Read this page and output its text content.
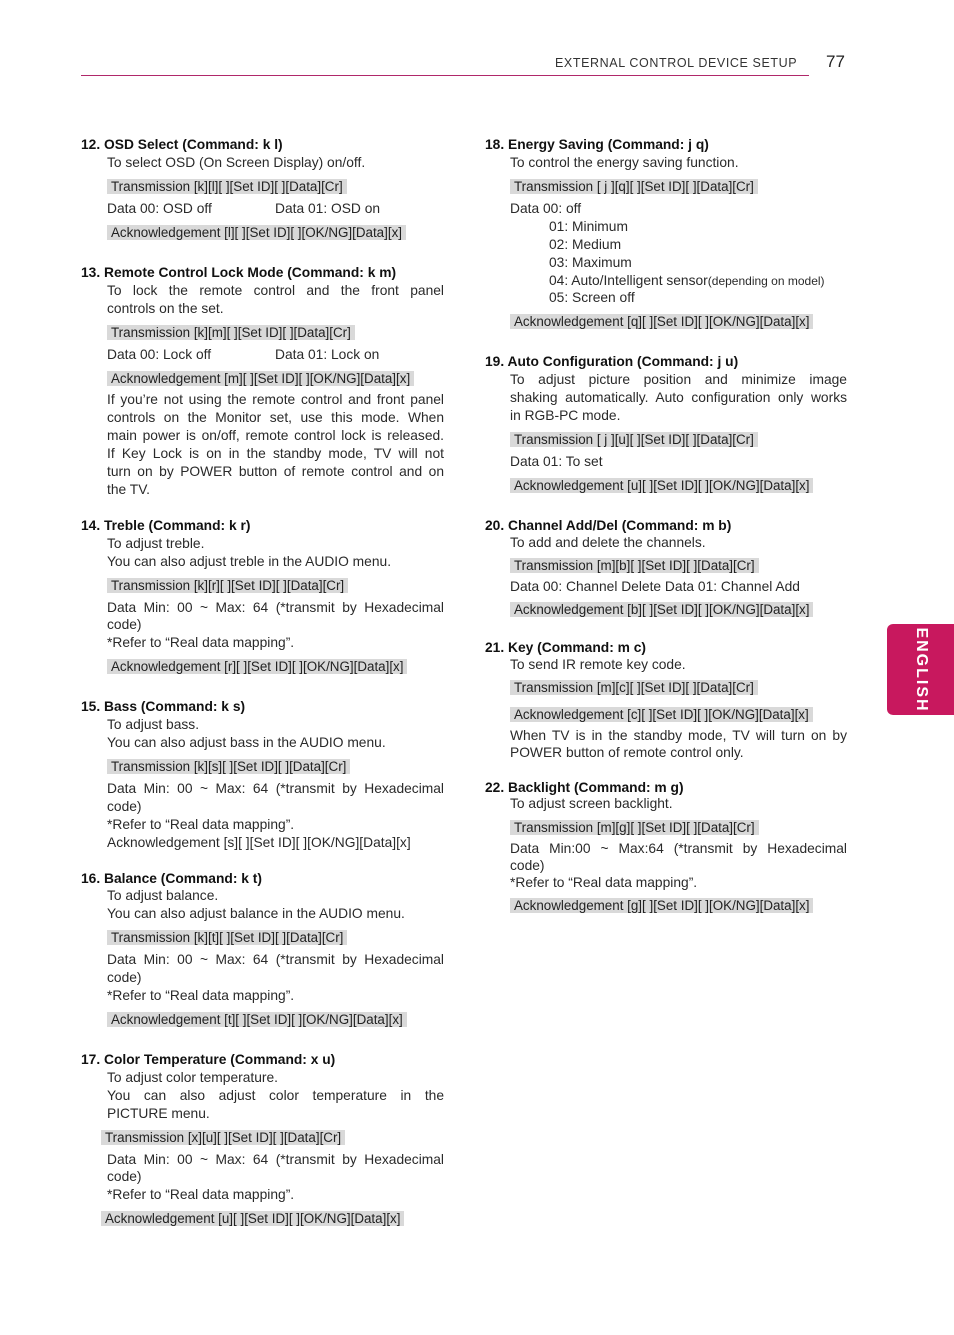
EXTERNAL CONTROL DEVICE SETUP 77
ENGLISH
12. OSD Select (Command: k l)
To select OSD (On Screen Display) on/off.
Transmission [k][l][ ][Set ID][ ][Data][Cr]
Data 00: OSD off	Data 01: OSD on
Acknowledgement [l][ ][Set ID][ ][OK/NG][Data][x]
13. Remote Control Lock Mode (Command: k m)
To lock the remote control and the front panel
controls on the set.
Transmission [k][m][ ][Set ID][ ][Data][Cr]
Data 00: Lock off	Data 01: Lock on
Acknowledgement [m][ ][Set ID][ ][OK/NG][Data][x]
If you’re not using the remote control and front panel
controls on the Monitor set, use this mode. When
main power is on/off, remote control lock is released.
If Key Lock is on in the standby mode, TV will not
turn on by POWER button of remote control and on
the TV.
14. Treble (Command: k r)
To adjust treble.
You can also adjust treble in the AUDIO menu.
Transmission [k][r][ ][Set ID][ ][Data][Cr]
Data Min: 00 ~ Max: 64 (*transmit by Hexadecimal
code)
*Refer to “Real data mapping”.
Acknowledgement [r][ ][Set ID][ ][OK/NG][Data][x]
15. Bass (Command: k s)
To adjust bass.
You can also adjust bass in the AUDIO menu.
Transmission [k][s][ ][Set ID][ ][Data][Cr]
Data Min: 00 ~ Max: 64 (*transmit by Hexadecimal
code)
*Refer to “Real data mapping”.
Acknowledgement [s][ ][Set ID][ ][OK/NG][Data][x]
16. Balance (Command: k t)
To adjust balance.
You can also adjust balance in the AUDIO menu.
Transmission [k][t][ ][Set ID][ ][Data][Cr]
Data Min: 00 ~ Max: 64 (*transmit by Hexadecimal
code)
*Refer to “Real data mapping”.
Acknowledgement [t][ ][Set ID][ ][OK/NG][Data][x]
17. Color Temperature (Command: x u)
To adjust color temperature.
You can also adjust color temperature in the
PICTURE menu.
Transmission [x][u][ ][Set ID][ ][Data][Cr]
Data Min: 00 ~ Max: 64 (*transmit by Hexadecimal
code)
*Refer to “Real data mapping”.
Acknowledgement [u][ ][Set ID][ ][OK/NG][Data][x]
18. Energy Saving (Command: j q)
To control the energy saving function.
Transmission [ j ][q][ ][Set ID][ ][Data][Cr]
Data 00: off
01: Minimum
02: Medium
03: Maximum
04: Auto/Intelligent sensor(depending on model)
05: Screen off
Acknowledgement [q][ ][Set ID][ ][OK/NG][Data][x]
19. Auto Configuration (Command: j u)
To adjust picture position and minimize image
shaking automatically. Auto configuration only works
in RGB-PC mode.
Transmission [ j ][u][ ][Set ID][ ][Data][Cr]
Data 01: To set
Acknowledgement [u][ ][Set ID][ ][OK/NG][Data][x]
20. Channel Add/Del (Command: m b)
To add and delete the channels.
Transmission [m][b][ ][Set ID][ ][Data][Cr]
Data 00: Channel Delete Data 01: Channel Add
Acknowledgement [b][ ][Set ID][ ][OK/NG][Data][x]
21. Key (Command: m c)
To send IR remote key code.
Transmission [m][c][ ][Set ID][ ][Data][Cr]
Acknowledgement [c][ ][Set ID][ ][OK/NG][Data][x]
When TV is in the standby mode, TV will turn on by
POWER button of remote control only.
22. Backlight (Command: m g)
To adjust screen backlight.
Transmission [m][g][ ][Set ID][ ][Data][Cr]
Data Min:00 ~ Max:64 (*transmit by Hexadecimal
code)
*Refer to “Real data mapping”.
Acknowledgement [g][ ][Set ID][ ][OK/NG][Data][x]
